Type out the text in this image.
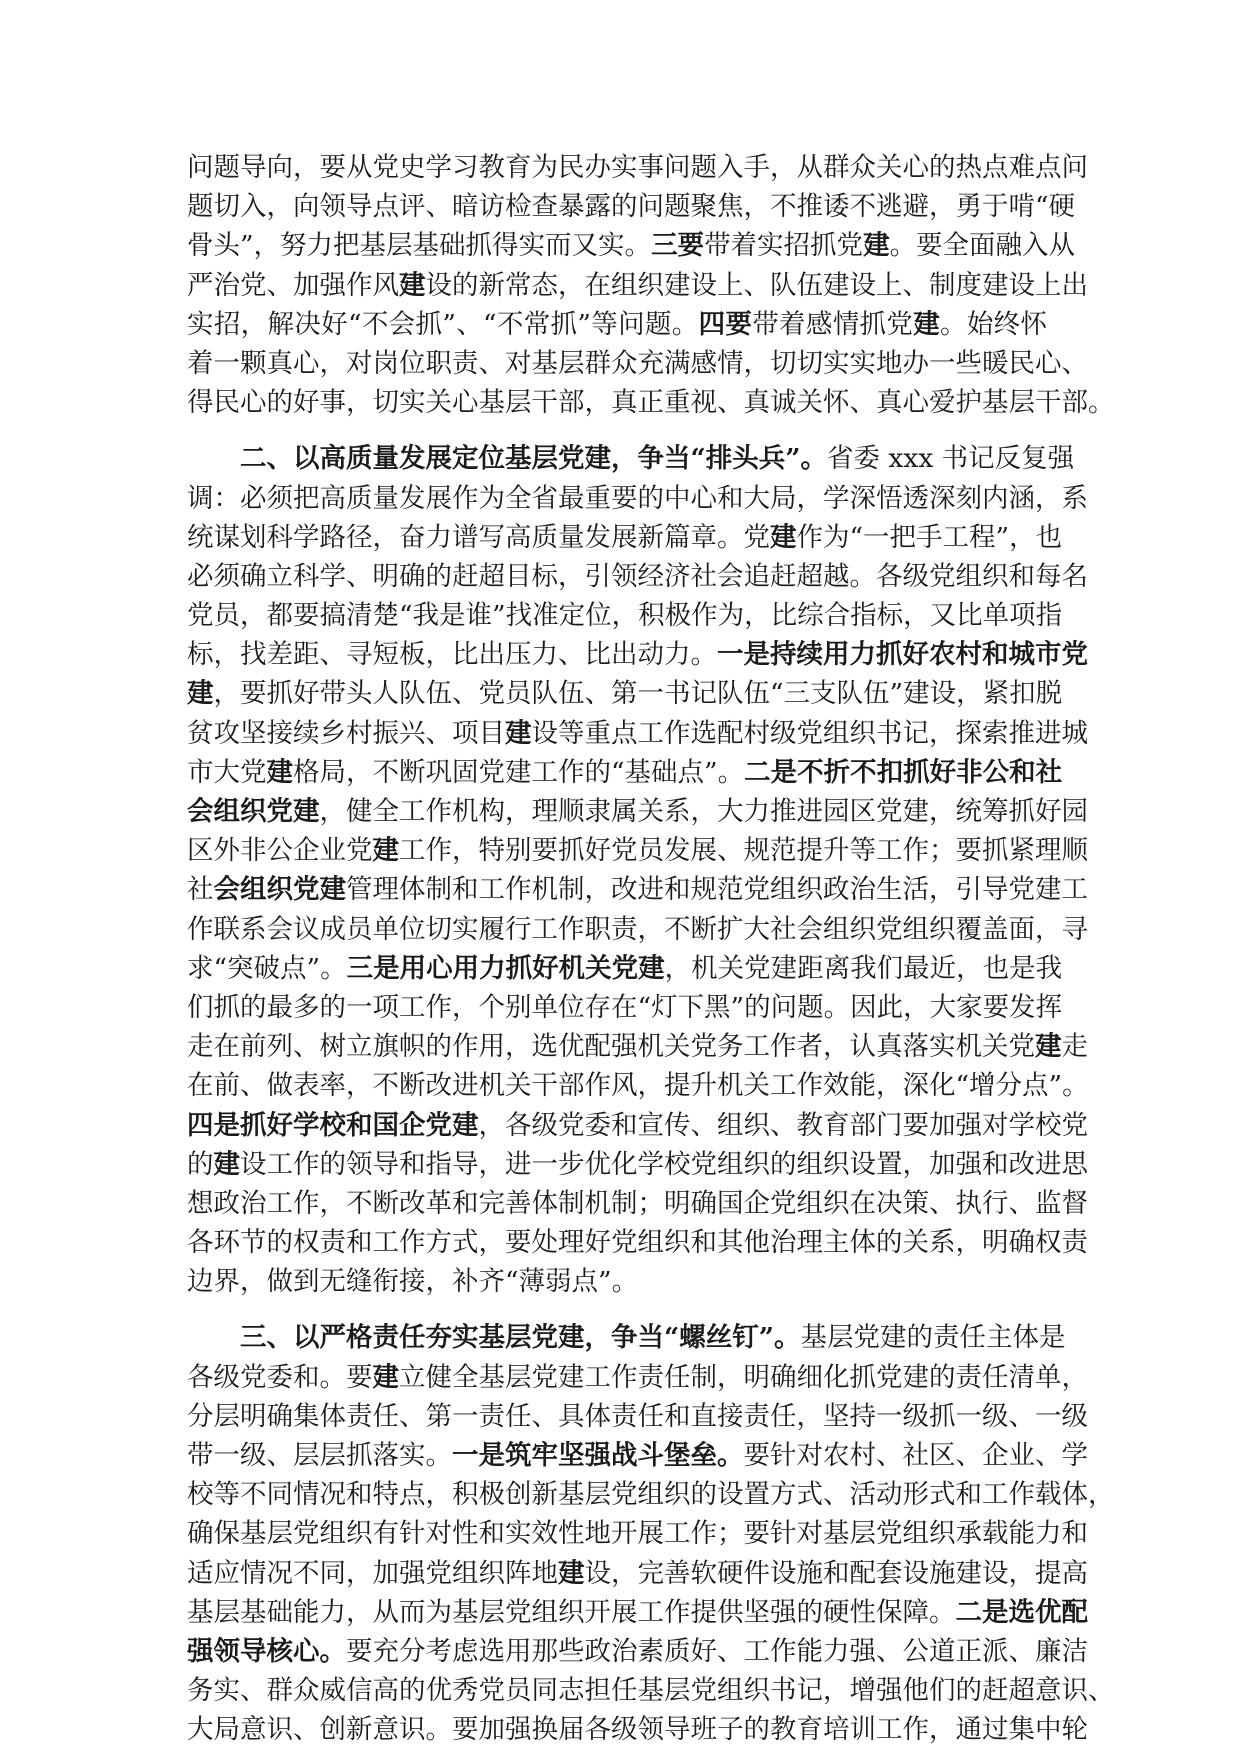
问题导向，要从党史学习教育为民办实事问题入手，从群众关心的热点难点问
题切入，向领导点评、暗访检查暴露的问题聚焦，不推诿不逃避，勇于啃“硬
骨头”，努力把基层基础抓得实而又实。三要带着实招抓党建。要全面融入从
严治党、加强作风建设的新常态，在组织建设上、队伍建设上、制度建设上出
实招，解决好“不会抓”、“不常抓”等问题。四要带着感情抓党建。始终怀
着一颗真心，对岗位职责、对基层群众充满感情，切切实实地办一些暖民心、
得民心的好事，切实关心基层干部，真正重视、真诚关怀、真心爱护基层干部。
二、以高质量发展定位基层党建，争当“排头兵”。省委 xxx 书记反复强
调：必须把高质量发展作为全省最重要的中心和大局，学深悟透深刻内涵，系
统谋划科学路径，奋力谱写高质量发展新篇章。党建作为“一把手工程”，也
必须确立科学、明确的赶超目标，引领经济社会追赶超越。各级党组织和每名
党员，都要搞清楚“我是谁”找准定位，积极作为，比综合指标，又比单项指
标，找差距、寻短板，比出压力、比出动力。一是持续用力抓好农村和城市党
建，要抓好带头人队伍、党员队伍、第一书记队伍“三支队伍”建设，紧扣脱
贫攻坚接续乡村振兴、项目建设等重点工作选配村级党组织书记，探索推进城
市大党建格局，不断巩固党建工作的“基础点”。二是不折不扣抓好非公和社
会组织党建，健全工作机构，理顺隶属关系，大力推进园区党建，统筹抓好园
区外非公企业党建工作，特别要抓好党员发展、规范提升等工作；要抓紧理顺
社会组织党建管理体制和工作机制，改进和规范党组织政治生活，引导党建工
作联系会议成员单位切实履行工作职责，不断扩大社会组织党组织覆盖面，寻
求“突破点”。三是用心用力抓好机关党建，机关党建距离我们最近，也是我
们抓的最多的一项工作，个别单位存在“灯下黑”的问题。因此，大家要发挥
走在前列、树立旗帜的作用，选优配强机关党务工作者，认真落实机关党建走
在前、做表率，不断改进机关干部作风，提升机关工作效能，深化“增分点”。
四是抓好学校和国企党建，各级党委和宣传、组织、教育部门要加强对学校党
的建设工作的领导和指导，进一步优化学校党组织的组织设置，加强和改进思
想政治工作，不断改革和完善体制机制；明确国企党组织在决策、执行、监督
各环节的权责和工作方式，要处理好党组织和其他治理主体的关系，明确权责
边界，做到无缝衔接，补齐“薄弱点”。
三、以严格责任夯实基层党建，争当“螺丝钉”。基层党建的责任主体是
各级党委和。要建立健全基层党建工作责任制，明确细化抓党建的责任清单，
分层明确集体责任、第一责任、具体责任和直接责任，坚持一级抓一级、一级
带一级、层层抓落实。一是筑牢坚强战斗堡垒。要针对农村、社区、企业、学
校等不同情况和特点，积极创新基层党组织的设置方式、活动形式和工作载体，
确保基层党组织有针对性和实效性地开展工作；要针对基层党组织承载能力和
适应情况不同，加强党组织阵地建设，完善软硬件设施和配套设施建设，提高
基层基础能力，从而为基层党组织开展工作提供坚强的硬性保障。二是选优配
强领导核心。要充分考虑选用那些政治素质好、工作能力强、公道正派、廉洁
务实、群众威信高的优秀党员同志担任基层党组织书记，增强他们的赶超意识、
大局意识、创新意识。要加强换届各级领导班子的教育培训工作，通过集中轮
